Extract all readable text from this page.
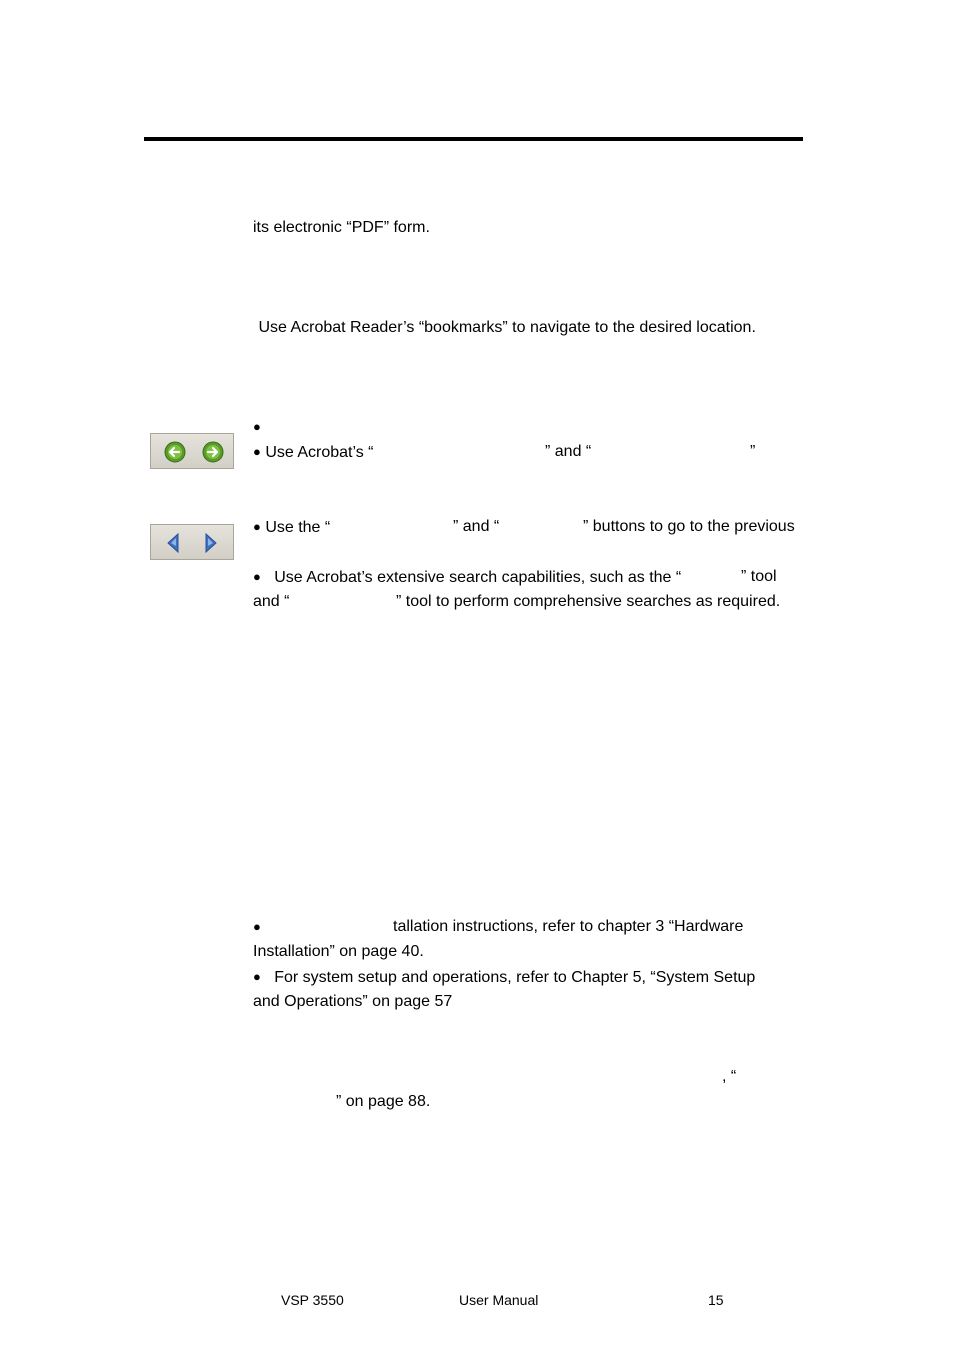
its electronic “PDF” form.
Use Acrobat Reader’s “bookmarks” to navigate to the desired location.
●
● Use Acrobat’s “	” and “	”
● Use the “	” and “	” buttons to go to the previous
● Use Acrobat’s extensive search capabilities, such as the “	” tool
and “	” tool to perform comprehensive searches as required.
●	tallation instructions, refer to chapter 3 “Hardware
Installation” on page 40.
● For system setup and operations, refer to Chapter 5, “System Setup
and Operations” on page 57
, “
” on page 88.
VSP 3550	User Manual	15
